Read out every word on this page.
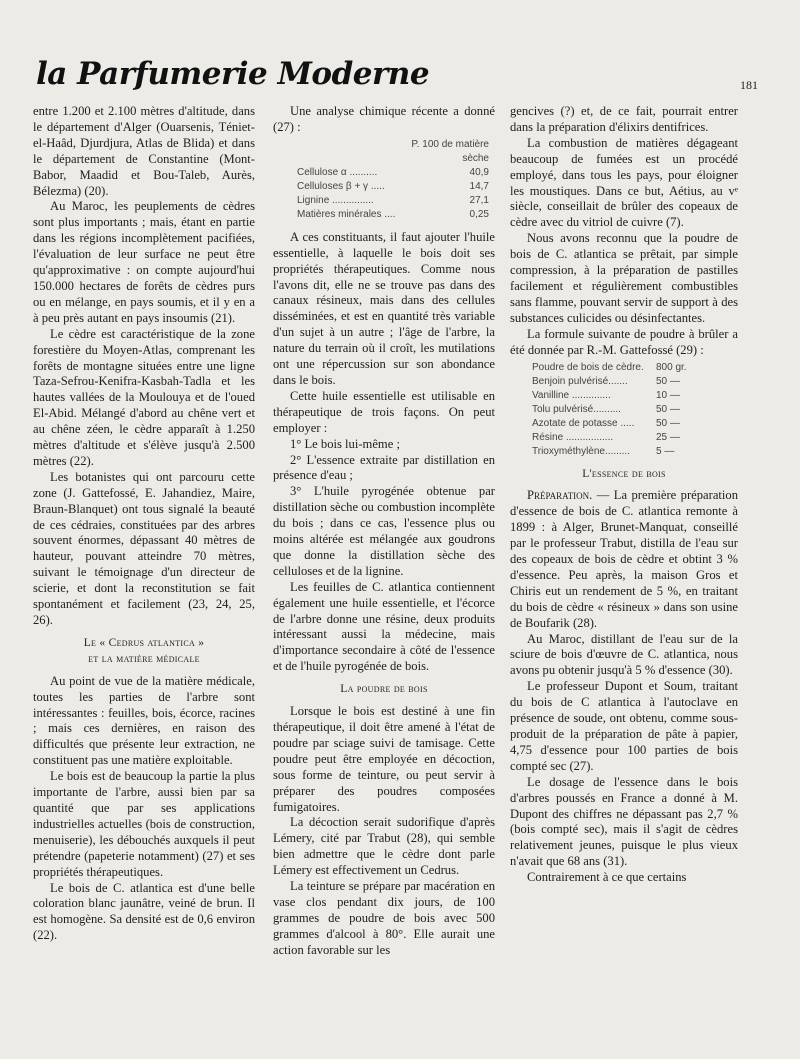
la Parfumerie Moderne	181

entre 1.200 et 2.100 mètres d'altitude, dans le département d'Alger (Ouarsenis, Téniet-el-Haâd, Djurdjura, Atlas de Blida) et dans le département de Constantine (Mont-Babor, Maadid et Bou-Taleb, Aurès, Bélezma) (20).

Au Maroc, les peuplements de cèdres sont plus importants ; mais, étant en partie dans les régions incomplètement pacifiées, l'évaluation de leur surface ne peut être qu'approximative : on compte aujourd'hui 150.000 hectares de forêts de cèdres purs ou en mélange, en pays soumis, et il y en a à peu près autant en pays insoumis (21).

Le cèdre est caractéristique de la zone forestière du Moyen-Atlas, comprenant les forêts de montagne situées entre une ligne Taza-Sefrou-Kenifra-Kasbah-Tadla et les hautes vallées de la Moulouya et de l'oued El-Abid. Mélangé d'abord au chêne vert et au chêne zéen, le cèdre apparaît à 1.250 mètres d'altitude et s'élève jusqu'à 2.500 mètres (22).

Les botanistes qui ont parcouru cette zone (J. Gattefossé, E. Jahandiez, Maire, Braun-Blanquet) ont tous signalé la beauté de ces cédraies, constituées par des arbres souvent énormes, dépassant 40 mètres de hauteur, pouvant atteindre 70 mètres, suivant le témoignage d'un directeur de scierie, et dont la reconstitution se fait spontanément et facilement (23, 24, 25, 26).

Le « Cedrus atlantica »
et la matière médicale

Au point de vue de la matière médicale, toutes les parties de l'arbre sont intéressantes : feuilles, bois, écorce, racines ; mais ces dernières, en raison des difficultés que présente leur extraction, ne constituent pas une matière exploitable.

Le bois est de beaucoup la partie la plus importante de l'arbre, aussi bien par sa quantité que par ses applications industrielles actuelles (bois de construction, menuiserie), les débouchés auxquels il peut prétendre (papeterie notamment) (27) et ses propriétés thérapeutiques.

Le bois de C. atlantica est d'une belle coloration blanc jaunâtre, veiné de brun. Il est homogène. Sa densité est de 0,6 environ (22).

Une analyse chimique récente a donné (27) :

P. 100 de matière
sèche
Cellulose α ..........	40,9
Celluloses β + γ .....	14,7
Lignine ...............	27,1
Matières minérales ....	0,25

A ces constituants, il faut ajouter l'huile essentielle, à laquelle le bois doit ses propriétés thérapeutiques. Comme nous l'avons dit, elle ne se trouve pas dans des canaux résineux, mais dans des cellules disséminées, et est en quantité très variable d'un sujet à un autre ; l'âge de l'arbre, la nature du terrain où il croît, les mutilations ont une répercussion sur son abondance dans le bois.

Cette huile essentielle est utilisable en thérapeutique de trois façons. On peut employer :

1° Le bois lui-même ;

2° L'essence extraite par distillation en présence d'eau ;

3° L'huile pyrogénée obtenue par distillation sèche ou combustion incomplète du bois ; dans ce cas, l'essence plus ou moins altérée est mélangée aux goudrons que donne la distillation sèche des celluloses et de la lignine.

Les feuilles de C. atlantica contiennent également une huile essentielle, et l'écorce de l'arbre donne une résine, deux produits intéressant aussi la médecine, mais d'importance secondaire à côté de l'essence et de l'huile pyrogénée de bois.

La poudre de bois

Lorsque le bois est destiné à une fin thérapeutique, il doit être amené à l'état de poudre par sciage suivi de tamisage. Cette poudre peut être employée en décoction, sous forme de teinture, ou peut servir à préparer des poudres composées fumigatoires.

La décoction serait sudorifique d'après Lémery, cité par Trabut (28), qui semble bien admettre que le cèdre dont parle Lémery est effectivement un Cedrus.

La teinture se prépare par macération en vase clos pendant dix jours, de 100 grammes de poudre de bois avec 500 grammes d'alcool à 80°. Elle aurait une action favorable sur les

gencives (?) et, de ce fait, pourrait entrer dans la préparation d'élixirs dentifrices.

La combustion de matières dégageant beaucoup de fumées est un procédé employé, dans tous les pays, pour éloigner les moustiques. Dans ce but, Aétius, au vᵉ siècle, conseillait de brûler des copeaux de cèdre avec du vitriol de cuivre (7).

Nous avons reconnu que la poudre de bois de C. atlantica se prêtait, par simple compression, à la préparation de pastilles facilement et régulièrement combustibles sans flamme, pouvant servir de support à des substances culicides ou désinfectantes.

La formule suivante de poudre à brûler a été donnée par R.-M. Gattefossé (29) :

Poudre de bois de cèdre. 800 gr.
Benjoin pulvérisé.......	50 —
Vanilline ..............	10 —
Tolu pulvérisé..........	50 —
Azotate de potasse ..... 50 —
Résine .................	25 —
Trioxyméthylène.........	5 —
L'essence de bois

Préparation. — La première préparation d'essence de bois de C. atlantica remonte à 1899 : à Alger, Brunet-Manquat, conseillé par le professeur Trabut, distilla de l'eau sur des copeaux de bois de cèdre et obtint 3 % d'essence. Peu après, la maison Gros et Chiris eut un rendement de 5 %, en traitant du bois de cèdre « résineux » dans son usine de Boufarik (28).

Au Maroc, distillant de l'eau sur de la sciure de bois d'œuvre de C. atlantica, nous avons pu obtenir jusqu'à 5 % d'essence (30).

Le professeur Dupont et Soum, traitant du bois de C atlantica à l'autoclave en présence de soude, ont obtenu, comme sous-produit de la préparation de pâte à papier, 4,75 d'essence pour 100 parties de bois compté sec (27).

Le dosage de l'essence dans le bois d'arbres poussés en France a donné à M. Dupont des chiffres ne dépassant pas 2,7 % (bois compté sec), mais il s'agit de cèdres relativement jeunes, puisque le plus vieux n'avait que 68 ans (31).

Contrairement à ce que certains
